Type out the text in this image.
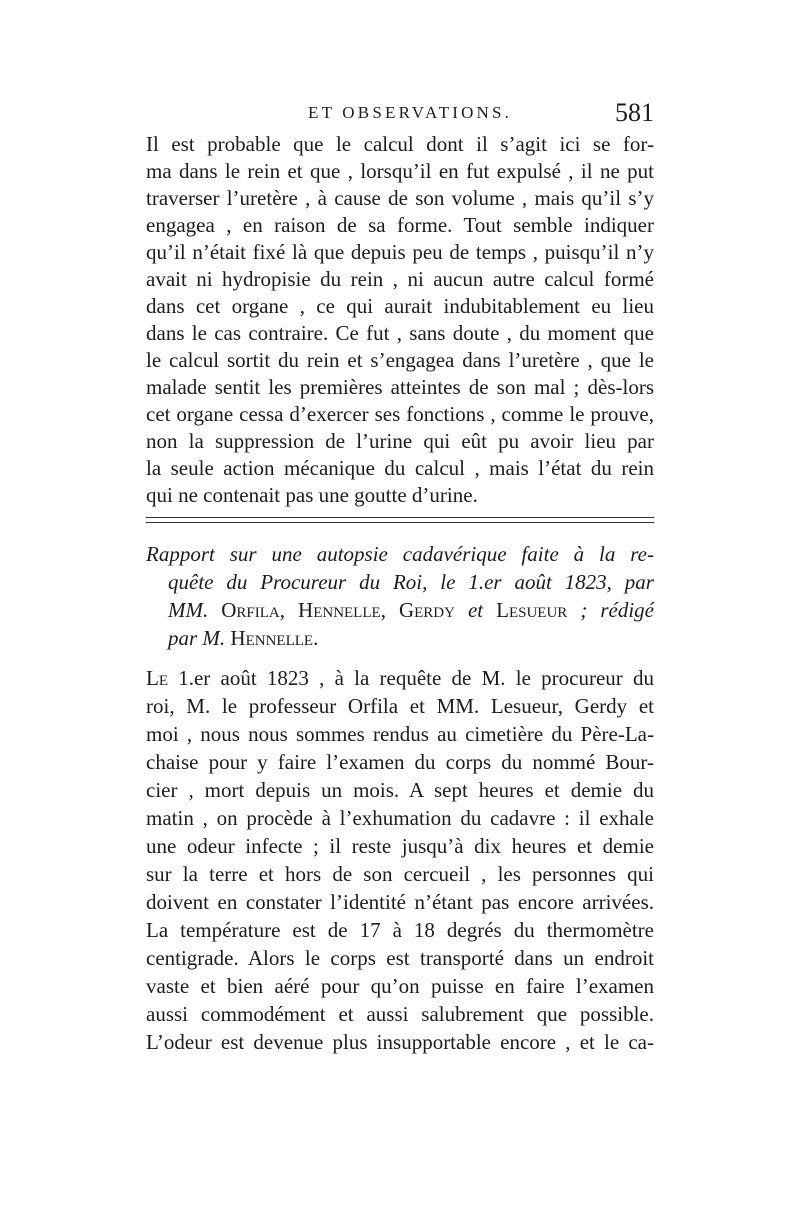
ET OBSERVATIONS.	581
Il est probable que le calcul dont il s’agit ici se for-
ma dans le rein et que , lorsqu’il en fut expulsé , il ne put
traverser l’uretère , à cause de son volume , mais qu’il s’y
engagea , en raison de sa forme. Tout semble indiquer
qu’il n’était fixé là que depuis peu de temps , puisqu’il n’y
avait ni hydropisie du rein , ni aucun autre calcul formé
dans cet organe , ce qui aurait indubitablement eu lieu
dans le cas contraire. Ce fut , sans doute , du moment que
le calcul sortit du rein et s’engagea dans l’uretère , que le
malade sentit les premières atteintes de son mal ; dès-lors
cet organe cessa d’exercer ses fonctions , comme le prouve,
non la suppression de l’urine qui eût pu avoir lieu par
la seule action mécanique du calcul , mais l’état du rein
qui ne contenait pas une goutte d’urine.
Rapport sur une autopsie cadavérique faite à la re-
quête du Procureur du Roi, le 1.er août 1823, par
MM. Orfila, Hennelle, Gerdy et Lesueur ; rédigé
par M. Hennelle.
Le 1.er août 1823 , à la requête de M. le procureur du
roi, M. le professeur Orfila et MM. Lesueur, Gerdy et
moi , nous nous sommes rendus au cimetière du Père-La-
chaise pour y faire l’examen du corps du nommé Bour-
cier , mort depuis un mois. A sept heures et demie du
matin , on procède à l’exhumation du cadavre : il exhale
une odeur infecte ; il reste jusqu’à dix heures et demie
sur la terre et hors de son cercueil , les personnes qui
doivent en constater l’identité n’étant pas encore arrivées.
La température est de 17 à 18 degrés du thermomètre
centigrade. Alors le corps est transporté dans un endroit
vaste et bien aéré pour qu’on puisse en faire l’examen
aussi commodément et aussi salubrement que possible.
L’odeur est devenue plus insupportable encore , et le ca-
